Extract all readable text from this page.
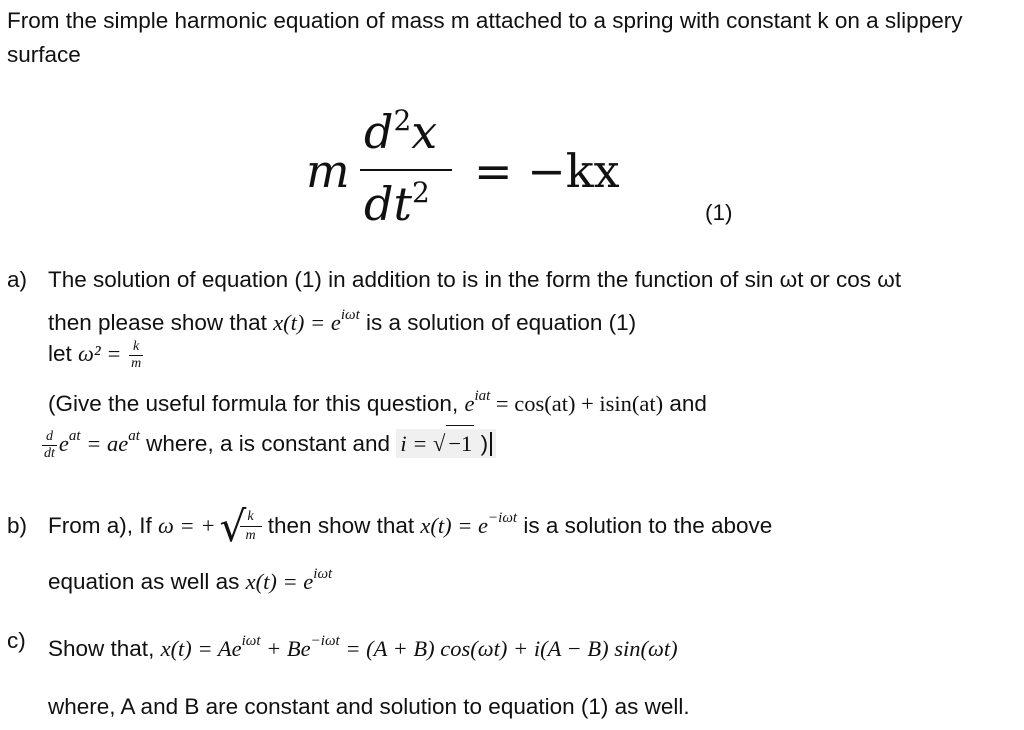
From the simple harmonic equation of mass m attached to a spring with constant k on a slippery surface
m
$d^2x$
$dt^2 = -kx$
(1)
a) The solution of equation (1) in addition to is in the form the function of sin ωt or cos ωt
then please show that $x(t) = e^{i\omega t}$ is a solution of equation (1)
let $\omega^2 = \frac{k}{m}$
(Give the useful formula for this question, $e^{iat} = \cos(at) + isin(at)$ and
$\frac{d}{dt} e^{at} = ae^{at}$ where, a is constant and i = √ −1 )
b) From a), If ω = + √ k
m then show that $x(t) = e^{-i\omega t}$ is a solution to the above
equation as well as $x(t) = e^{i\omega t}$
c) Show that, $x(t) = Ae^{i\omega t} + Be^{-i\omega t} = (A + B) \cos(\omega t) + i(A - B)$ sin(ωt)
where, A and B are constant and solution to equation (1) as well.
